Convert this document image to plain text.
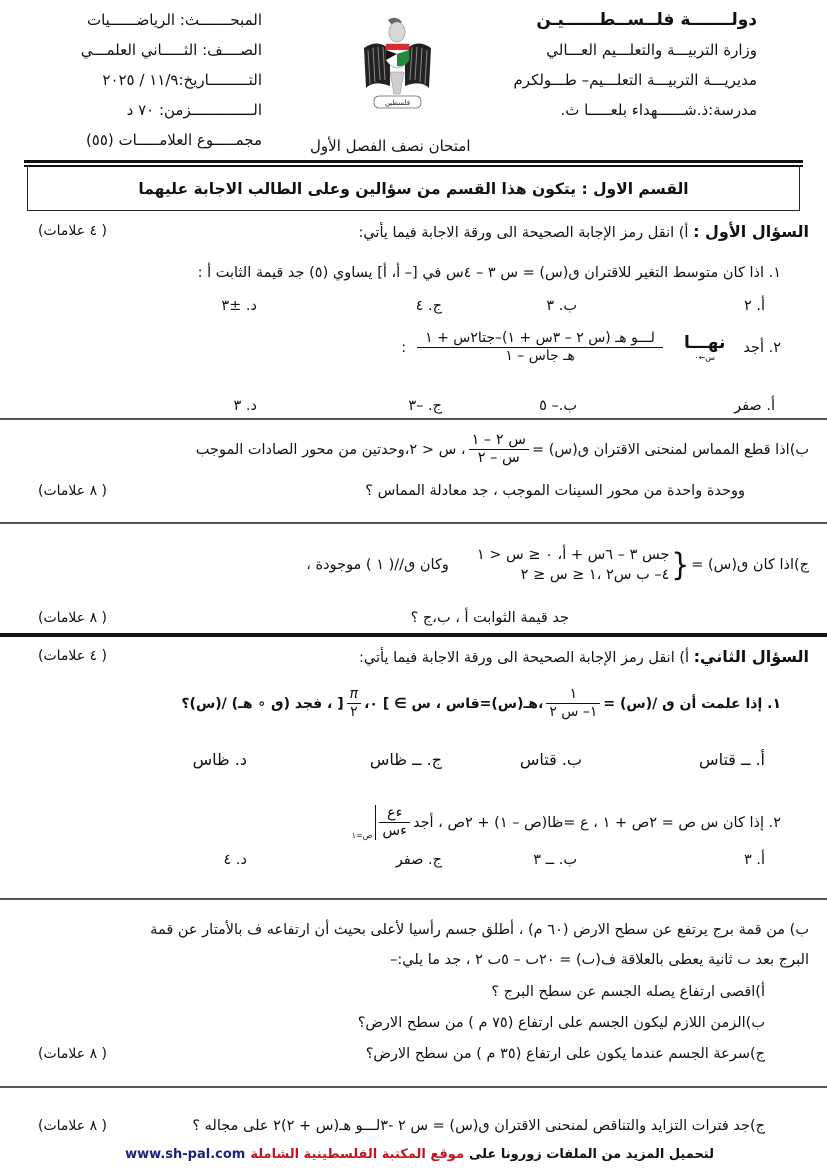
دولـــــــة فلــســطــــــيـن
وزارة التربيـــة والتعلـــيم العـــالي
مديريـــة التربيـــة التعلـــيم– طـــولكرم
مدرسة:ذ.شــــــهداء بلعـــــا ث.
المبحـــــــث: الرياضــــــيات
الصــــف: الثـــــاني العلمـــي
التـــــــــاريخ:١١/٩ / ٢٠٢٥
الــــــــــــــزمن: ٧٠ د
مجمـــــوع العلامـــــات (٥٥)
فلسطين
امتحان نصف الفصل الأول
القسم الاول : يتكون هذا القسم من سؤالين وعلى الطالب الاجابة عليهما
السؤال الأول : أ) انقل رمز الإجابة الصحيحة الى ورقة الاجابة فيما يأتي:
( ٤ علامات)
١. اذا كان متوسط التغير للاقتران ٯ(س) = س ٣ – ٤س في [– أ، أ] يساوي (٥) جد قيمة الثابت أ :
أ. ٢
ب. ٣
ج. ٤
د. ±٣
٢. أجد
نهـــا
س←٠
$\frac{\text{لـــو هـ (س ٢ – ٣س + ١)–جتا٢س + ١}}{\text{هـ جاس – ١}}$
:
أ. صفر
ب.– ٥
ج. –٣
د. ٣
ب)اذا قطع المماس لمنحنى الاقتران ٯ(س) =
$\frac{\text{س ٢ – ١}}{\text{س – ٢}}$
، س < ٢،وحدتين من محور الصادات الموجب
ووحدة واحدة من محور السينات الموجب ، جد معادلة المماس ؟
( ٨ علامات)
ج)اذا كان ٯ(س) =
{
جس ٣ – ٦س + أ، ٠ ≤ س < ١
٤– ب س٢ ،١ ≤ س ≤ ٢
وكان ٯ//( ١ ) موجودة ،
جد قيمة الثوابت أ ، ب،ج ؟
( ٨ علامات)
السؤال الثاني: أ) انقل رمز الإجابة الصحيحة الى ورقة الاجابة فيما يأتي:
( ٤ علامات)
١. إذا علمت أن ٯ /(س) =
$\frac{١}{\text{١– س ٢}}$
،هـ(س)=قاس ، س ∋ ] ٠،
$\frac{\pi}{٢}$
[ ، فجد (ٯ ∘ هـ) /(س)؟
أ. ــ قتاس
ب. قتاس
ج. ــ ظاس
د. ظاس
٢. إذا كان س ص = ٢ص + ١ ، ع =ظا(ص – ١) + ٢ص ، أجد
$\frac{\text{ءع}}{\text{ءس}}$
ص=١
أ. ٣
ب. ــ ٣
ج. صفر
د. ٤
ب) من قمة برج يرتفع عن سطح الارض (٦٠ م) ، أطلق جسم رأسيا لأعلى بحيث أن ارتفاعه ف بالأمتار عن قمة
البرج بعد ٮ ثانية يعطى بالعلاقة ف(ٮ) = ٢٠ٮ – ٥ٮ ٢ ، جد ما يلي:–
أ)اقصى ارتفاع يصله الجسم عن سطح البرج ؟
ب)الزمن اللازم ليكون الجسم على ارتفاع (٧٥ م ) من سطح الارض؟
ج)سرعة الجسم عندما يكون على ارتفاع (٣٥ م ) من سطح الارض؟
( ٨ علامات)
ج)جد فترات التزايد والتناقص لمنحنى الاقتران ٯ(س) = س ٢ -٣لـــو هـ(س + ٢)٢ على مجاله ؟
( ٨ علامات)
لتحميل المزيد من الملفات زورونا على
موقع المكتبة الفلسطينية الشاملة
www.sh-pal.com
